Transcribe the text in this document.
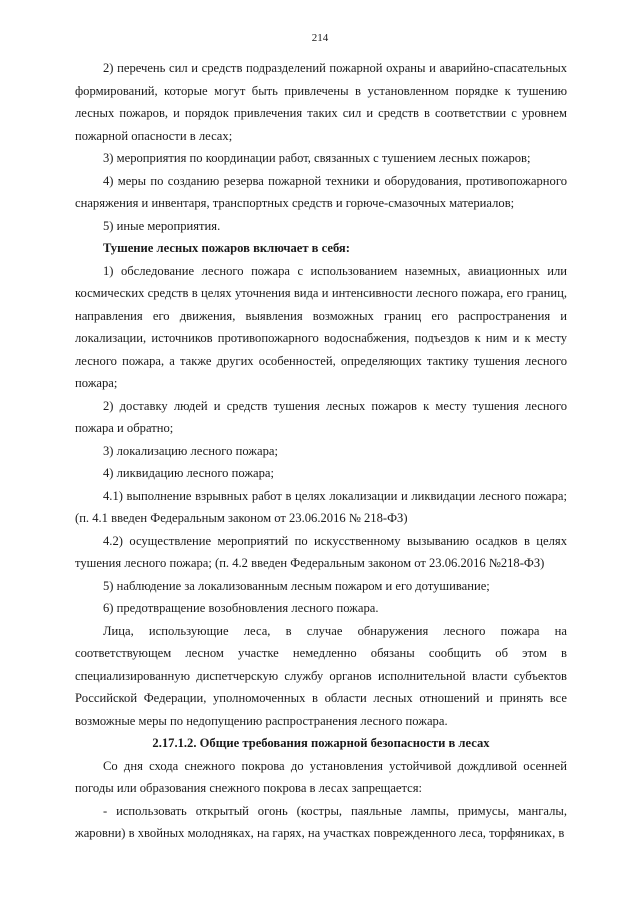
214

2) перечень сил и средств подразделений пожарной охраны и аварийно-спасательных формирований, которые могут быть привлечены в установленном порядке к тушению лесных пожаров, и порядок привлечения таких сил и средств в соответствии с уровнем пожарной опасности в лесах;

3) мероприятия по координации работ, связанных с тушением лесных пожаров;

4) меры по созданию резерва пожарной техники и оборудования, противопожарного снаряжения и инвентаря, транспортных средств и горюче-смазочных материалов;

5) иные мероприятия.

Тушение лесных пожаров включает в себя:

1) обследование лесного пожара с использованием наземных, авиационных или космических средств в целях уточнения вида и интенсивности лесного пожара, его границ, направления его движения, выявления возможных границ его распространения и локализации, источников противопожарного водоснабжения, подъездов к ним и к месту лесного пожара, а также других особенностей, определяющих тактику тушения лесного пожара;

2) доставку людей и средств тушения лесных пожаров к месту тушения лесного пожара и обратно;

3) локализацию лесного пожара;

4) ликвидацию лесного пожара;

4.1) выполнение взрывных работ в целях локализации и ликвидации лесного пожара;(п. 4.1 введен Федеральным законом от 23.06.2016 № 218-ФЗ)

4.2) осуществление мероприятий по искусственному вызыванию осадков в целях тушения лесного пожара; (п. 4.2 введен Федеральным законом от 23.06.2016 №218-ФЗ)

5) наблюдение за локализованным лесным пожаром и его дотушивание;

6) предотвращение возобновления лесного пожара.

Лица, использующие леса, в случае обнаружения лесного пожара на соответствующем лесном участке немедленно обязаны сообщить об этом в специализированную диспетчерскую службу органов исполнительной власти субъектов Российской Федерации, уполномоченных в области лесных отношений и принять все возможные меры по недопущению распространения лесного пожара.

2.17.1.2. Общие требования пожарной безопасности в лесах

Со дня схода снежного покрова до установления устойчивой дождливой осенней погоды или образования снежного покрова в лесах запрещается:

- использовать открытый огонь (костры, паяльные лампы, примусы, мангалы, жаровни) в хвойных молодняках, на гарях, на участках поврежденного леса, торфяниках, в
